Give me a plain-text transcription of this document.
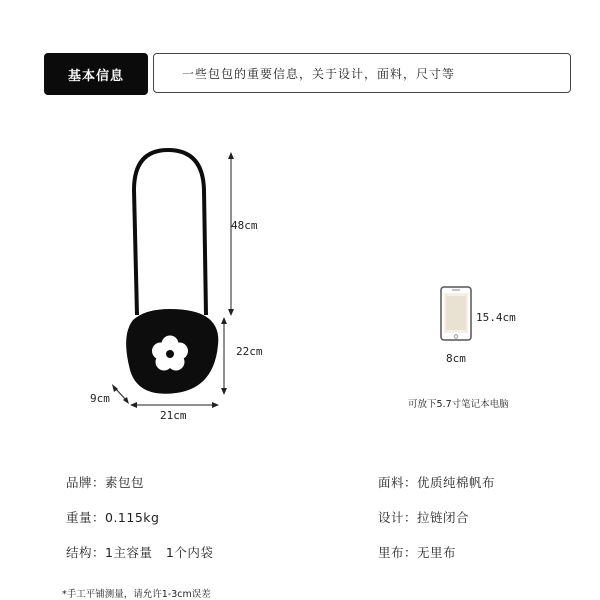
基本信息	一些包包的重要信息，关于设计，面料，尺寸等
48cm
22cm
9cm
21cm
15.4cm
8cm
可放下5.7寸笔记本电脑
品牌：素包包
重量：0.115kg
结构：1主容量   1个内袋
面料：优质纯棉帆布
设计：拉链闭合
里布：无里布
*手工平铺测量，请允许1-3cm误差
